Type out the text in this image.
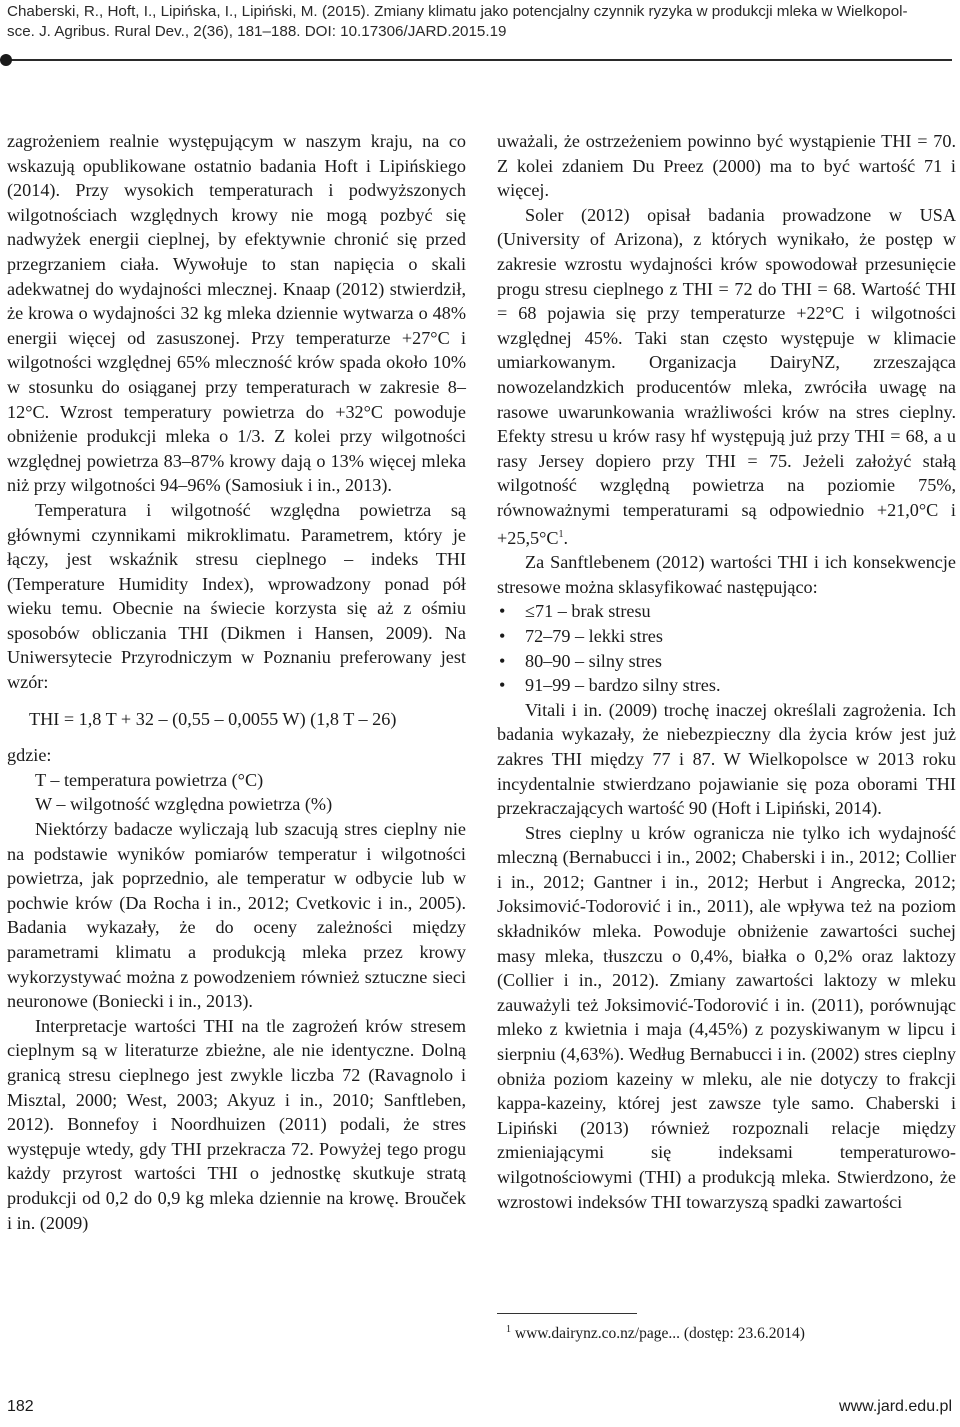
Chaberski, R., Hoft, I., Lipińska, I., Lipiński, M. (2015). Zmiany klimatu jako potencjalny czynnik ryzyka w produkcji mleka w Wielkopol-
sce. J. Agribus. Rural Dev., 2(36), 181–188. DOI: 10.17306/JARD.2015.19

zagrożeniem realnie występującym w naszym kraju, na co wskazują opublikowane ostatnio badania Hoft i Lipińskiego (2014). Przy wysokich temperaturach i podwyższonych wilgotnościach względnych krowy nie mogą pozbyć się nadwyżek energii cieplnej, by efektywnie chronić się przed przegrzaniem ciała. Wywołuje to stan napięcia o skali adekwatnej do wydajności mlecznej. Knaap (2012) stwierdził, że krowa o wydajności 32 kg mleka dziennie wytwarza o 48% energii więcej od zasuszonej. Przy temperaturze +27°C i wilgotności względnej 65% mleczność krów spada około 10% w stosunku do osiąganej przy temperaturach w zakresie 8–12°C. Wzrost temperatury powietrza do +32°C powoduje obniżenie produkcji mleka o 1/3. Z kolei przy wilgotności względnej powietrza 83–87% krowy dają o 13% więcej mleka niż przy wilgotności 94–96% (Samosiuk i in., 2013).

Temperatura i wilgotność względna powietrza są głównymi czynnikami mikroklimatu. Parametrem, który je łączy, jest wskaźnik stresu cieplnego – indeks THI (Temperature Humidity Index), wprowadzony ponad pół wieku temu. Obecnie na świecie korzysta się aż z ośmiu sposobów obliczania THI (Dikmen i Hansen, 2009). Na Uniwersytecie Przyrodniczym w Poznaniu preferowany jest wzór:

THI = 1,8 T + 32 – (0,55 – 0,0055 W) (1,8 T – 26)

gdzie:

T – temperatura powietrza (°C)

W – wilgotność względna powietrza (%)

Niektórzy badacze wyliczają lub szacują stres cieplny nie na podstawie wyników pomiarów temperatur i wilgotności powietrza, jak poprzednio, ale temperatur w odbycie lub w pochwie krów (Da Rocha i in., 2012; Cvetkovic i in., 2005). Badania wykazały, że do oceny zależności między parametrami klimatu a produkcją mleka przez krowy wykorzystywać można z powodzeniem również sztuczne sieci neuronowe (Boniecki i in., 2013).

Interpretacje wartości THI na tle zagrożeń krów stresem cieplnym są w literaturze zbieżne, ale nie identyczne. Dolną granicą stresu cieplnego jest zwykle liczba 72 (Ravagnolo i Misztal, 2000; West, 2003; Akyuz i in., 2010; Sanftleben, 2012). Bonnefoy i Noordhuizen (2011) podali, że stres występuje wtedy, gdy THI przekracza 72. Powyżej tego progu każdy przyrost wartości THI o jednostkę skutkuje stratą produkcji od 0,2 do 0,9 kg mleka dziennie na krowę. Brouček i in. (2009)

uważali, że ostrzeżeniem powinno być wystąpienie THI = 70. Z kolei zdaniem Du Preez (2000) ma to być wartość 71 i więcej.

Soler (2012) opisał badania prowadzone w USA (University of Arizona), z których wynikało, że postęp w zakresie wzrostu wydajności krów spowodował przesunięcie progu stresu cieplnego z THI = 72 do THI = 68. Wartość THI = 68 pojawia się przy temperaturze +22°C i wilgotności względnej 45%. Taki stan często występuje w klimacie umiarkowanym. Organizacja DairyNZ, zrzeszająca nowozelandzkich producentów mleka, zwróciła uwagę na rasowe uwarunkowania wrażliwości krów na stres cieplny. Efekty stresu u krów rasy hf występują już przy THI = 68, a u rasy Jersey dopiero przy THI = 75. Jeżeli założyć stałą wilgotność względną powietrza na poziomie 75%, równoważnymi temperaturami są odpowiednio +21,0°C $i +25,5^\circ C^1$.

Za Sanftlebenem (2012) wartości THI i ich konsekwencje stresowe można sklasyfikować następująco:

• ≤71 – brak stresu
• 72–79 – lekki stres
• 80–90 – silny stres
• 91–99 – bardzo silny stres.

Vitali i in. (2009) trochę inaczej określali zagrożenia. Ich badania wykazały, że niebezpieczny dla życia krów jest już zakres THI między 77 i 87. W Wielkopolsce w 2013 roku incydentalnie stwierdzano pojawianie się poza oborami THI przekraczających wartość 90 (Hoft i Lipiński, 2014).

Stres cieplny u krów ogranicza nie tylko ich wydajność mleczną (Bernabucci i in., 2002; Chaberski i in., 2012; Collier i in., 2012; Gantner i in., 2012; Herbut i Angrecka, 2012; Joksimović-Todorović i in., 2011), ale wpływa też na poziom składników mleka. Powoduje obniżenie zawartości suchej masy mleka, tłuszczu o 0,4%, białka o 0,2% oraz laktozy (Collier i in., 2012). Zmiany zawartości laktozy w mleku zauważyli też Joksimović-Todorović i in. (2011), porównując mleko z kwietnia i maja (4,45%) z pozyskiwanym w lipcu i sierpniu (4,63%). Według Bernabucci i in. (2002) stres cieplny obniża poziom kazeiny w mleku, ale nie dotyczy to frakcji kappa-kazeiny, której jest zawsze tyle samo. Chaberski i Lipiński (2013) również rozpoznali relacje między zmieniającymi się indeksami temperaturowo-wilgotnościowymi (THI) a produkcją mleka. Stwierdzono, że wzrostowi indeksów THI towarzyszą spadki zawartości

$^1$ www.dairynz.co.nz/page... (dostęp: 23.6.2014)
182	www.jard.edu.pl
